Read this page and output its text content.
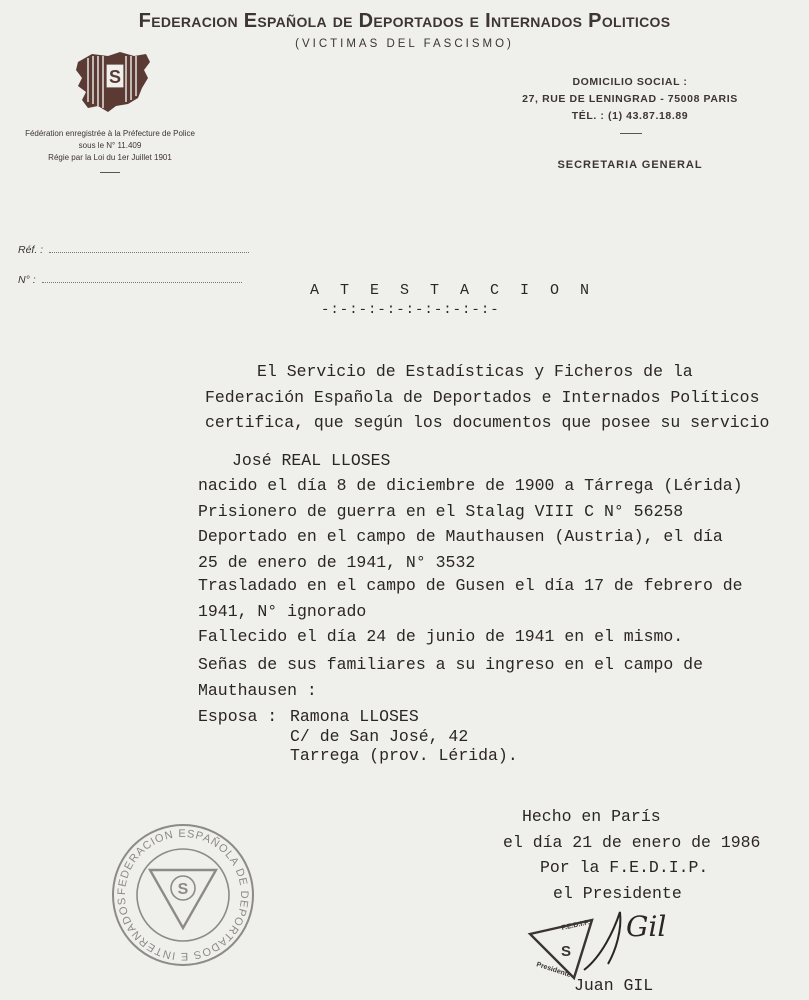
Federacion Española de Deportados e Internados Politicos
(VICTIMAS DEL FASCISMO)
S
Fédération enregistrée à la Préfecture de Police
sous le N° 11.409
Régie par la Loi du 1er Juillet 1901
DOMICILIO SOCIAL :
27, RUE DE LENINGRAD - 75008 PARIS
TÉL. : (1) 43.87.18.89
SECRETARIA GENERAL
Réf. :
N° :
A T E S T A C I O N
-:-:-:-:-:-:-:-:-:-
El Servicio de Estadísticas y Ficheros de la
Federación Española de Deportados e Internados Políticos
certifica, que según los documentos que posee su servicio
José REAL LLOSES
nacido el día 8 de diciembre de 1900 a Tárrega (Lérida)
Prisionero de guerra en el Stalag VIII C N° 56258
Deportado en el campo de Mauthausen (Austria), el día
25 de enero de 1941, N° 3532
Trasladado en el campo de Gusen el día 17 de febrero de
1941, N° ignorado
Fallecido el día 24 de junio de 1941 en el mismo.
Señas de sus familiares a su ingreso en el campo de
Mauthausen :
Esposa : Ramona LLOSES
C/ de San José, 42
Tarrega (prov. Lérida).
Hecho en París
el día 21 de enero de 1986
Por la F.E.D.I.P.
el Presidente
Juan GIL
FEDERACION ESPAÑOLA DE DEPORTADOS E INTERNADOS
S
F.E.D.I.P.
Presidente
S
Gil
